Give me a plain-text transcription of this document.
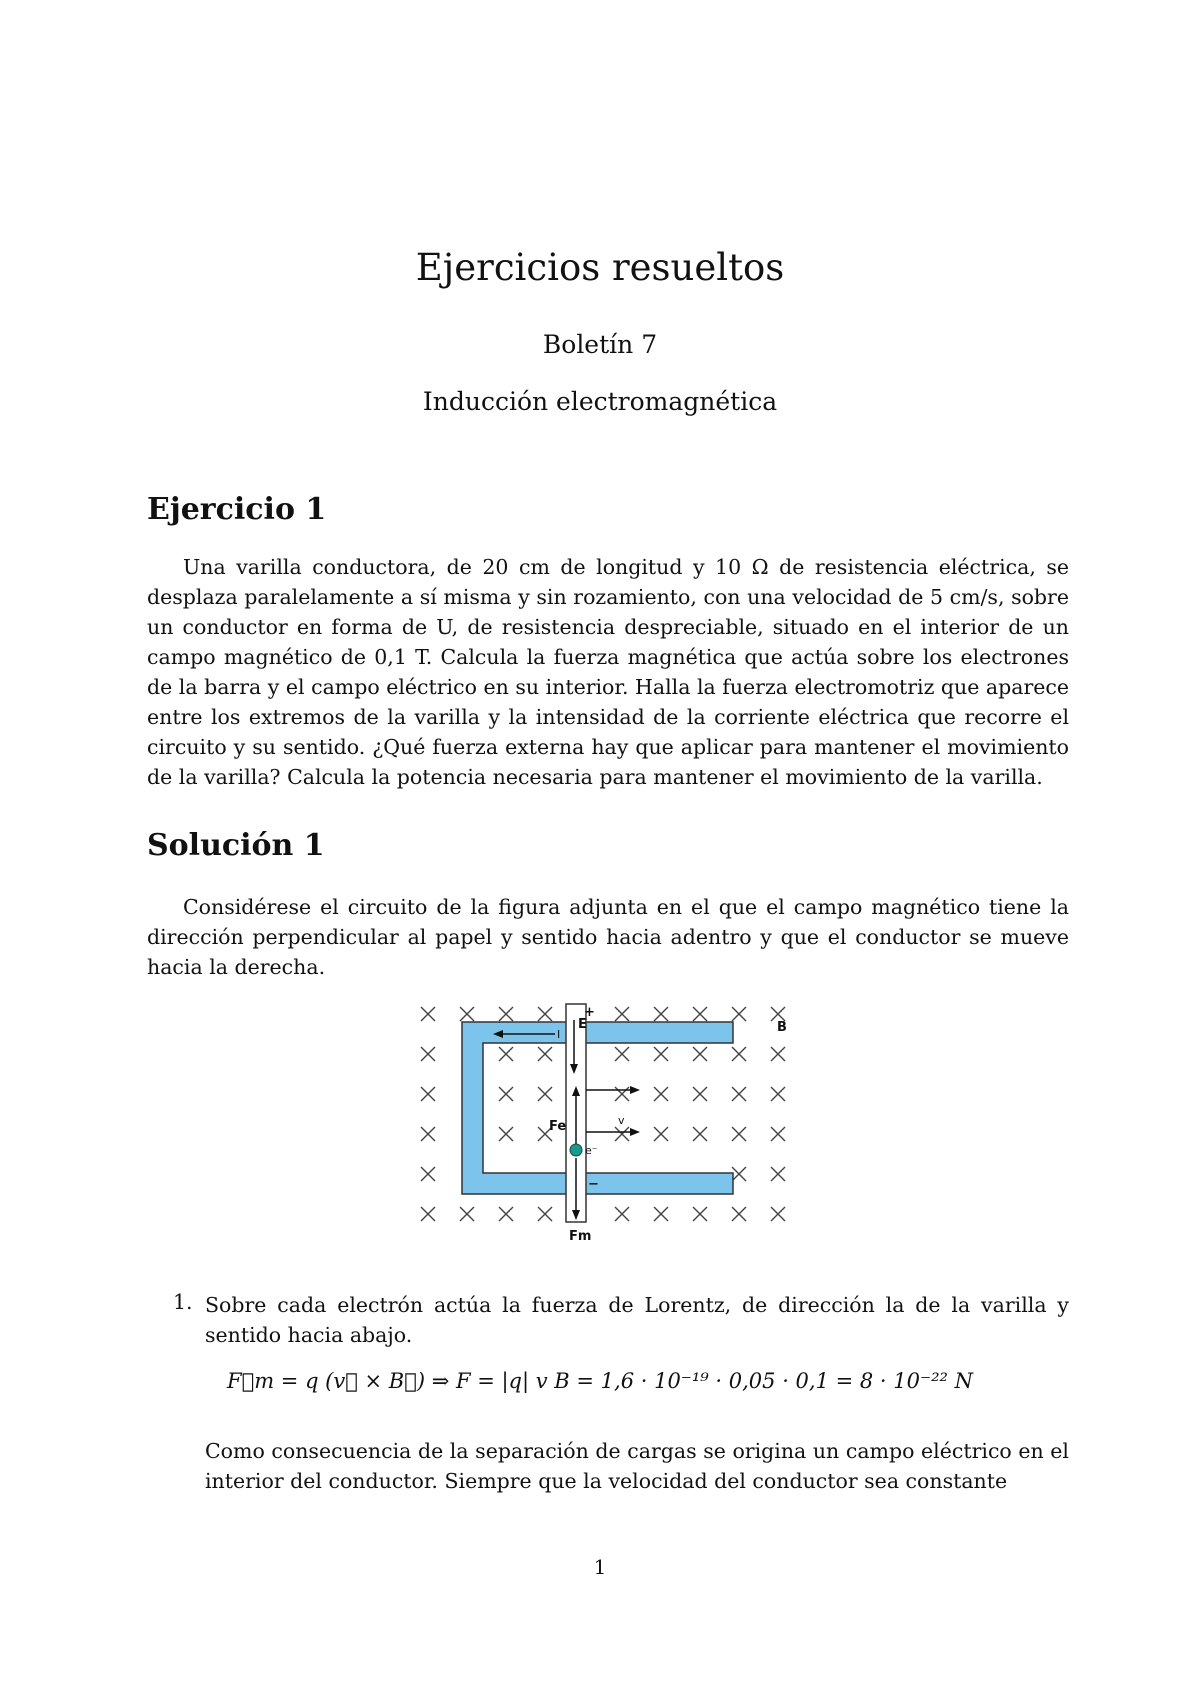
Ejercicios resueltos
Boletín 7
Inducción electromagnética
Ejercicio 1

Una varilla conductora, de 20 cm de longitud y 10 Ω de resistencia eléctrica, se desplaza paralelamente a sí misma y sin rozamiento, con una velocidad de 5 cm/s, sobre un conductor en forma de U, de resistencia despreciable, situado en el interior de un campo magnético de 0,1 T. Calcula la fuerza magnética que actúa sobre los electrones de la barra y el campo eléctrico en su interior. Halla la fuerza electromotriz que aparece entre los extremos de la varilla y la intensidad de la corriente eléctrica que recorre el circuito y su sentido. ¿Qué fuerza externa hay que aplicar para mantener el movimiento de la varilla? Calcula la potencia necesaria para mantener el movimiento de la varilla.

Solución 1

Considérese el circuito de la figura adjunta en el que el campo magnético tiene la dirección perpendicular al papel y sentido hacia adentro y que el conductor se mueve hacia la derecha.

I
E
+
−
Fe
Fm
v
e⁻
B
1. Sobre cada electrón actúa la fuerza de Lorentz, de dirección la de la varilla y sentido hacia abajo.

F⃗m = q (v⃗ × B⃗) ⇒ F = |q| v B = 1,6 · 10⁻¹⁹ · 0,05 · 0,1 = 8 · 10⁻²² N

Como consecuencia de la separación de cargas se origina un campo eléctrico en el interior del conductor. Siempre que la velocidad del conductor sea constante

1
